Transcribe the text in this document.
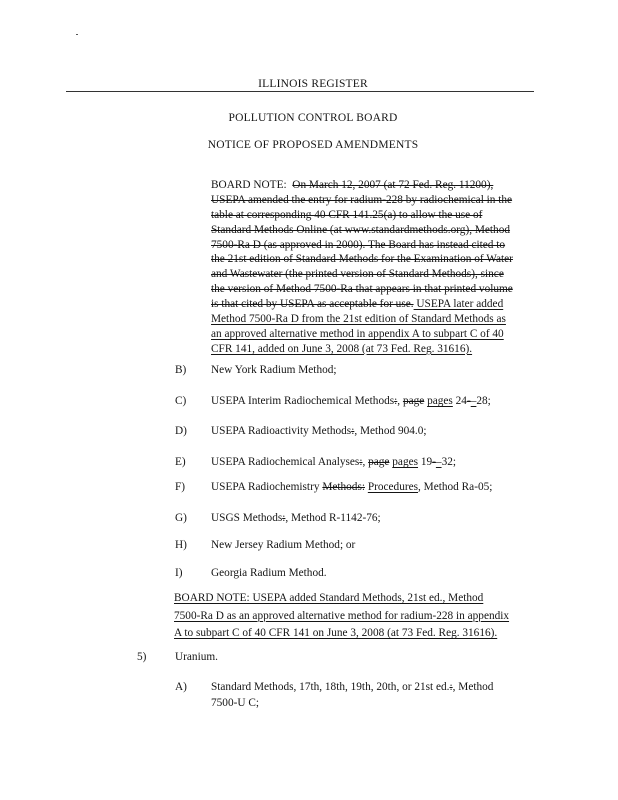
ILLINOIS REGISTER
POLLUTION CONTROL BOARD
NOTICE OF PROPOSED AMENDMENTS
BOARD NOTE:  On March 12, 2007 (at 72 Fed. Reg. 11200),
USEPA amended the entry for radium-228 by radiochemical in the
table at corresponding 40 CFR 141.25(a) to allow the use of
Standard Methods Online (at www.standardmethods.org), Method
7500-Ra D (as approved in 2000). The Board has instead cited to
the 21st edition of Standard Methods for the Examination of Water
and Wastewater (the printed version of Standard Methods), since
the version of Method 7500-Ra that appears in that printed volume
is that cited by USEPA as acceptable for use. USEPA later added
Method 7500-Ra D from the 21st edition of Standard Methods as
an approved alternative method in appendix A to subpart C of 40
CFR 141, added on June 3, 2008 (at 73 Fed. Reg. 31616).
B) New York Radium Method;
C) USEPA Interim Radiochemical Methods:, page pages 24-–28;
D) USEPA Radioactivity Methods:, Method 904.0;
E) USEPA Radiochemical Analyses:, page pages 19-–32;
F) USEPA Radiochemistry Methods: Procedures, Method Ra-05;
G) USGS Methods:, Method R-1142-76;
H) New Jersey Radium Method; or
I)	Georgia Radium Method.
BOARD NOTE: USEPA added Standard Methods, 21st ed., Method
7500-Ra D as an approved alternative method for radium-228 in appendix
A to subpart C of 40 CFR 141 on June 3, 2008 (at 73 Fed. Reg. 31616).
5)	Uranium.
A) Standard Methods, 17th, 18th, 19th, 20th, or 21st ed.:, Method
7500-U C;
